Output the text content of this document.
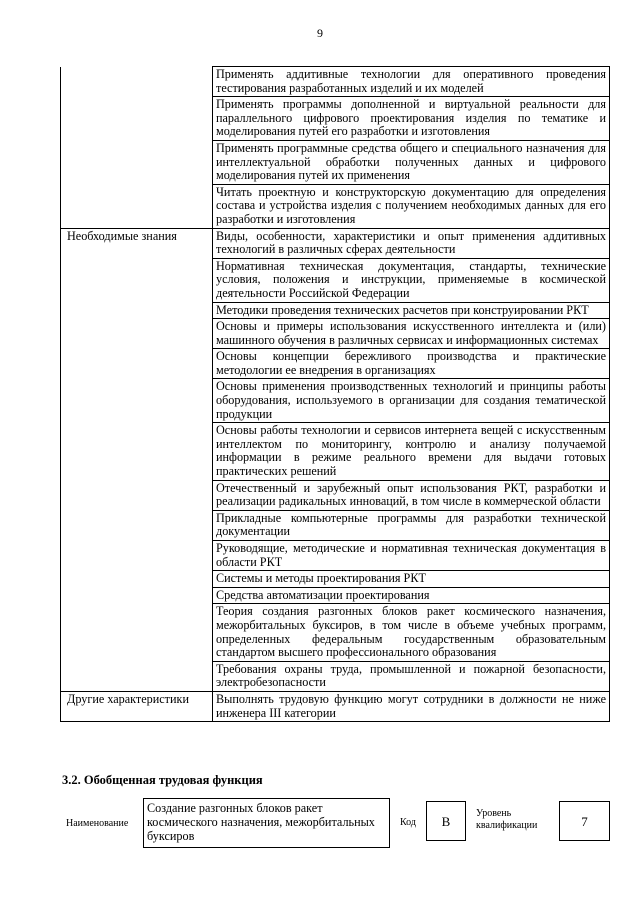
9
	Применять аддитивные технологии для оперативного проведения тестирования разработанных изделий и их моделей
	Применять программы дополненной и виртуальной реальности для параллельного цифрового проектирования изделия по тематике и моделирования путей его разработки и изготовления
	Применять программные средства общего и специального назначения для интеллектуальной обработки полученных данных и цифрового моделирования путей их применения
	Читать проектную и конструкторскую документацию для определения состава и устройства изделия с получением необходимых данных для его разработки и изготовления
Необходимые знания	Виды, особенности, характеристики и опыт применения аддитивных технологий в различных сферах деятельности
	Нормативная техническая документация, стандарты, технические условия, положения и инструкции, применяемые в космической деятельности Российской Федерации
	Методики проведения технических расчетов при конструировании РКТ
	Основы и примеры использования искусственного интеллекта и (или) машинного обучения в различных сервисах и информационных системах
	Основы концепции бережливого производства и практические методологии ее внедрения в организациях
	Основы применения производственных технологий и принципы работы оборудования, используемого в организации для создания тематической продукции
	Основы работы технологии и сервисов интернета вещей с искусственным интеллектом по мониторингу, контролю и анализу получаемой информации в режиме реального времени для выдачи готовых практических решений
	Отечественный и зарубежный опыт использования РКТ, разработки и реализации радикальных инноваций, в том числе в коммерческой области
	Прикладные компьютерные программы для разработки технической документации
	Руководящие, методические и нормативная техническая документация в области РКТ
	Системы и методы проектирования РКТ
	Средства автоматизации проектирования
	Теория создания разгонных блоков ракет космического назначения, межорбитальных буксиров, в том числе в объеме учебных программ, определенных федеральным государственным образовательным стандартом высшего профессионального образования
	Требования охраны труда, промышленной и пожарной безопасности, электробезопасности
Другие характеристики	Выполнять трудовую функцию могут сотрудники в должности не ниже инженера III категории
3.2. Обобщенная трудовая функция
Наименование
Создание разгонных блоков ракет космического назначения, межорбитальных буксиров
Код	В
Уровень квалификации	7
